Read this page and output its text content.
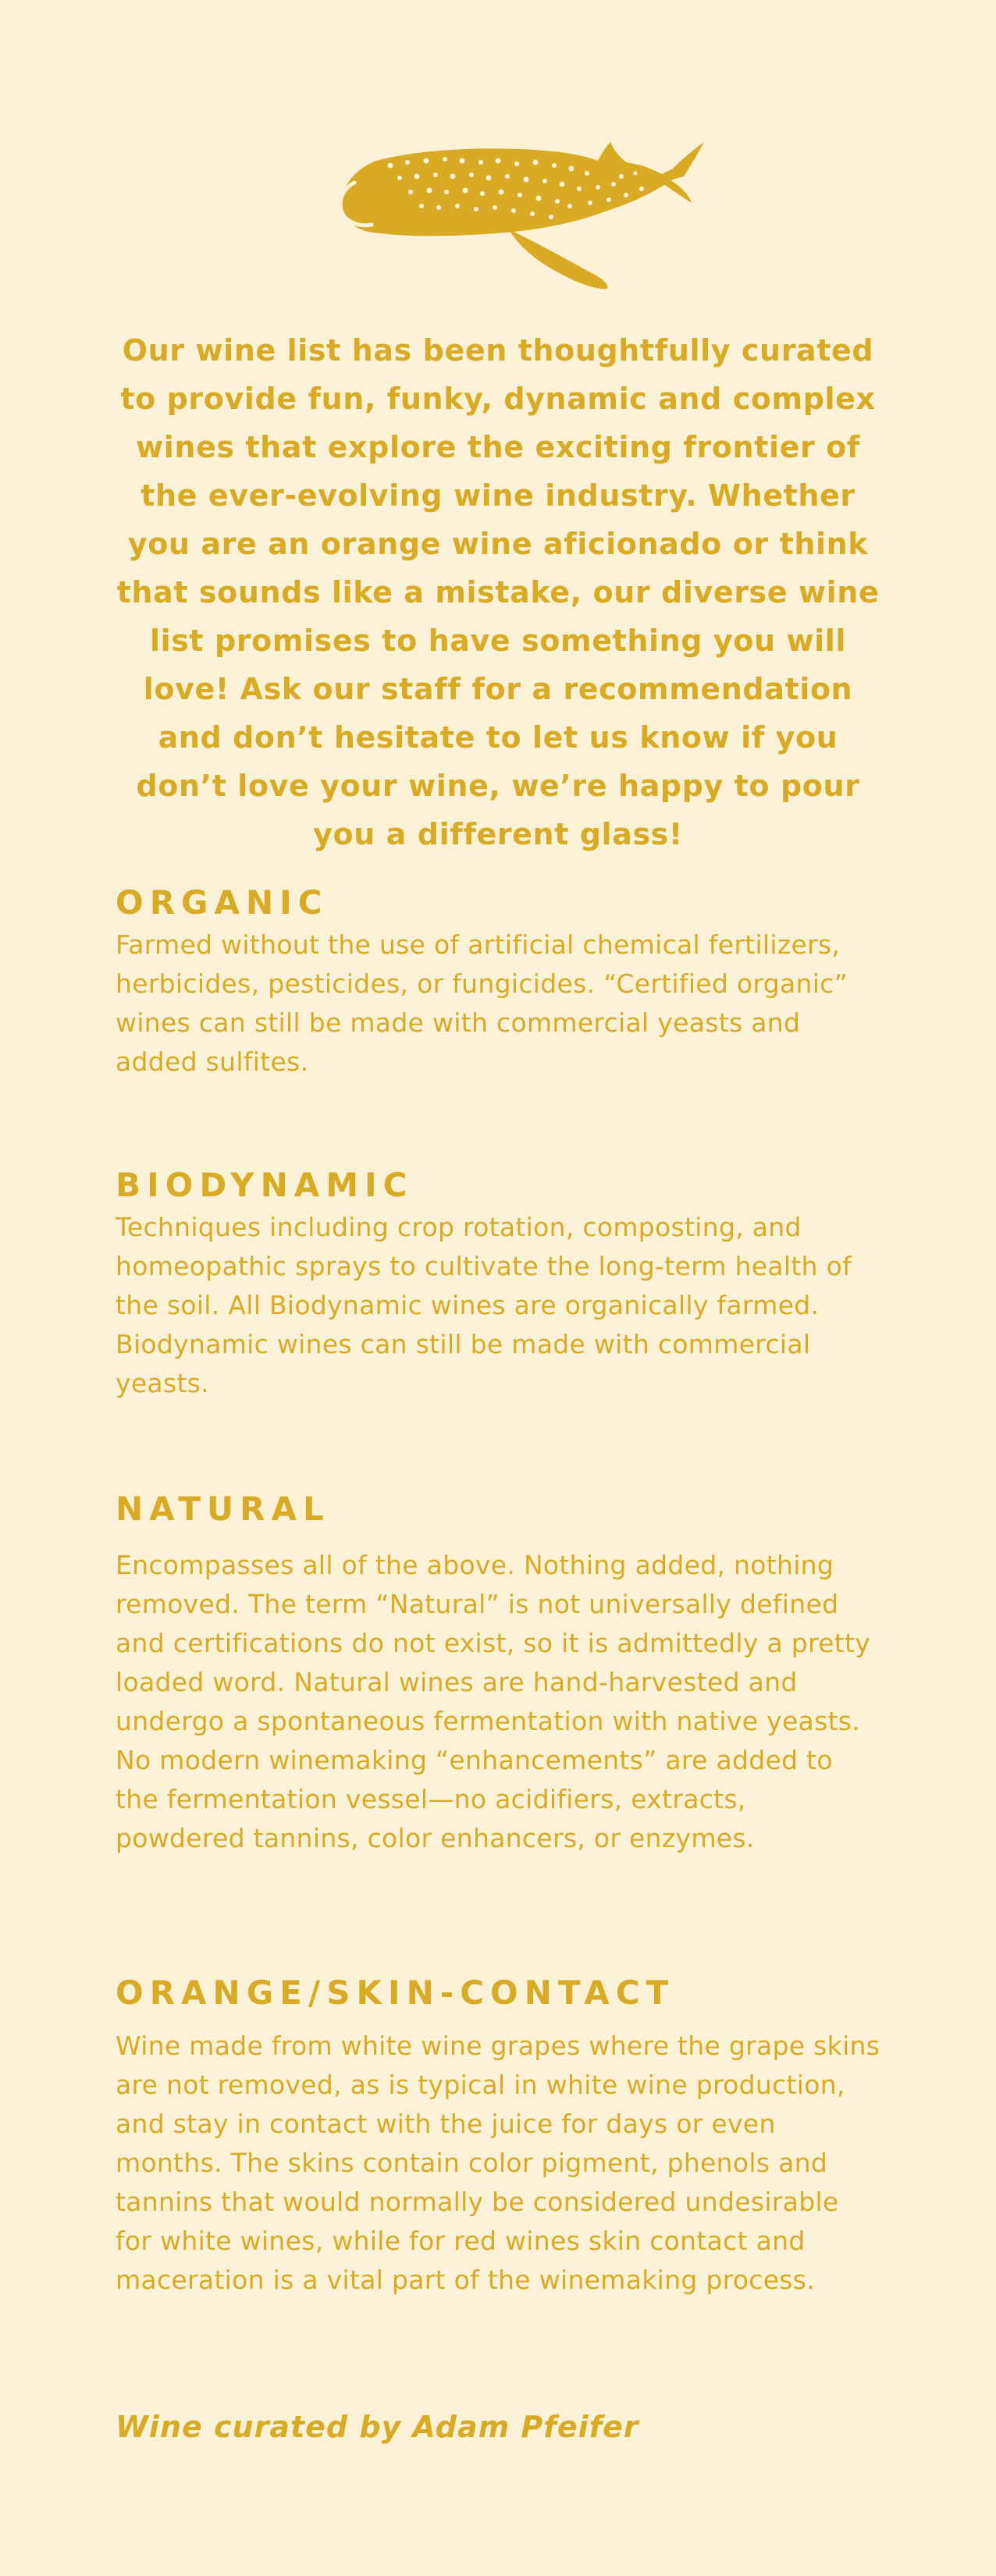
Our wine list has been thoughtfully curated to provide fun, funky, dynamic and complex wines that explore the exciting frontier of the ever-evolving wine industry. Whether you are an orange wine aficionado or think that sounds like a mistake, our diverse wine list promises to have something you will love! Ask our staff for a recommendation and don’t hesitate to let us know if you don’t love your wine, we’re happy to pour you a different glass!

ORGANIC

Farmed without the use of artificial chemical fertilizers, herbicides, pesticides, or fungicides. “Certified organic” wines can still be made with commercial yeasts and added sulfites.

BIODYNAMIC

Techniques including crop rotation, composting, and homeopathic sprays to cultivate the long-term health of the soil. All Biodynamic wines are organically farmed. Biodynamic wines can still be made with commercial yeasts.

NATURAL

Encompasses all of the above. Nothing added, nothing removed. The term “Natural” is not universally defined and certifications do not exist, so it is admittedly a pretty loaded word. Natural wines are hand-harvested and undergo a spontaneous fermentation with native yeasts. No modern winemaking “enhancements” are added to the fermentation vessel—no acidifiers, extracts, powdered tannins, color enhancers, or enzymes.

ORANGE/SKIN-CONTACT

Wine made from white wine grapes where the grape skins are not removed, as is typical in white wine production, and stay in contact with the juice for days or even months. The skins contain color pigment, phenols and tannins that would normally be considered undesirable for white wines, while for red wines skin contact and maceration is a vital part of the winemaking process.

Wine curated by Adam Pfeifer
